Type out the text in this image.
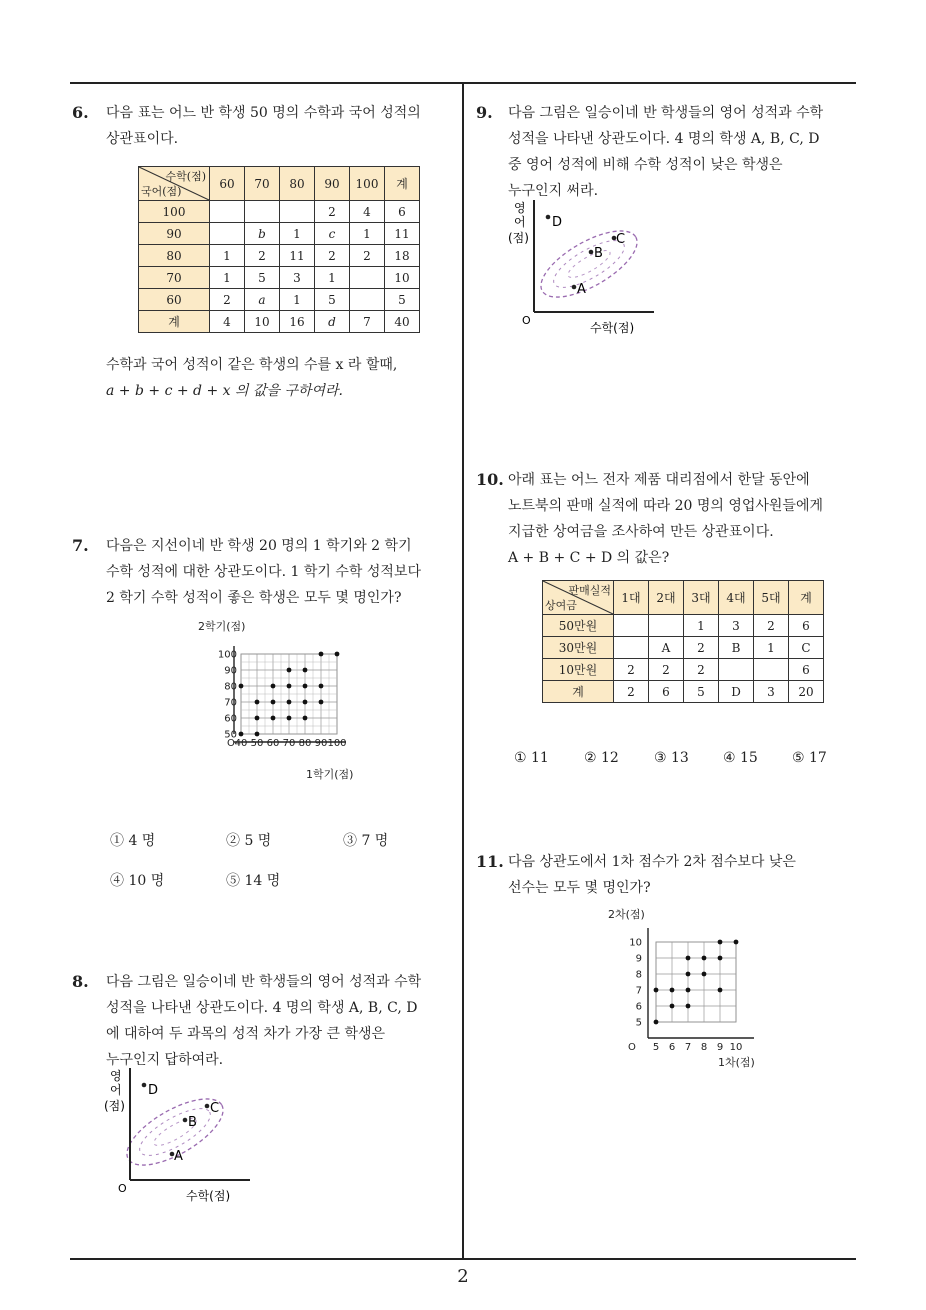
2
6. 다음 표는 어느 반 학생 50 명의 수학과 국어 성적의
상관표이다.
수학(점)
국어(점)	60	70	80	90	100	계
100				2	4	6
90		b	1	c	1	11
80	1	2	11	2	2	18
70	1	5	3	1		10
60	2	a	1	5		5
계	4	10	16	d	7	40
수학과 국어 성적이 같은 학생의 수를 x 라 할때,
a + b + c + d + x 의 값을 구하여라.
7. 다음은 지선이네 반 학생 20 명의 1 학기와 2 학기
수학 성적에 대한 상관도이다. 1 학기 수학 성적보다
2 학기 수학 성적이 좋은 학생은 모두 몇 명인가?
40 50 60 70 80 90 100
50
60
70
80
90
100
O
2학기(점)
1학기(점)
① 4 명	② 5 명	③ 7 명
④ 10 명	⑤ 14 명
8. 다음 그림은 일승이네 반 학생들의 영어 성적과 수학
성적을 나타낸 상관도이다. 4 명의 학생 A, B, C, D
에 대하여 두 과목의 성적 차가 가장 큰 학생은
누구인지 답하여라.
D
B
C
A
영
어
(점)
O
수학(점)
9. 다음 그림은 일승이네 반 학생들의 영어 성적과 수학
성적을 나타낸 상관도이다. 4 명의 학생 A, B, C, D
중 영어 성적에 비해 수학 성적이 낮은 학생은
누구인지 써라.
D
B
C
A
영
어
(점)
O
수학(점)
10. 아래 표는 어느 전자 제품 대리점에서 한달 동안에
노트북의 판매 실적에 따라 20 명의 영업사원들에게
지급한 상여금을 조사하여 만든 상관표이다.
A + B + C + D 의 값은?
판매실적
상여금	1대	2대	3대	4대	5대	계
50만원			1	3	2	6
30만원		A	2	B	1	C
10만원	2	2	2			6
계	2	6	5	D	3	20
① 11	② 12	③ 13 ④ 15 ⑤ 17
11. 다음 상관도에서 1차 점수가 2차 점수보다 낮은
선수는 모두 몇 명인가?
5 6 7 8 9 10
5
6
7
8
9
10
O
2차(점)
1차(점)
